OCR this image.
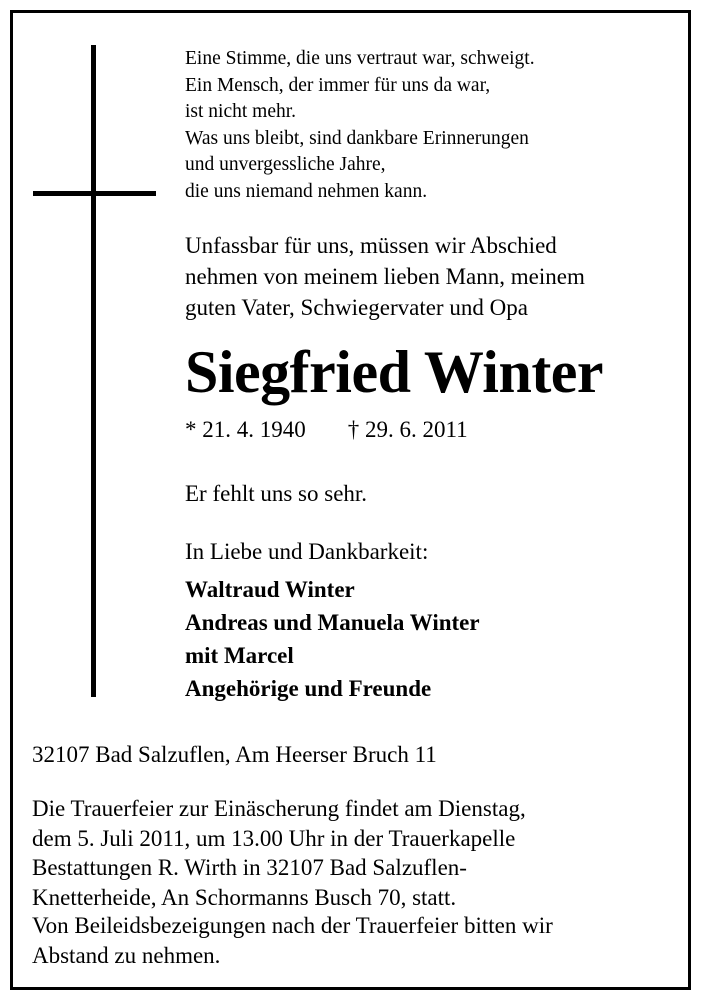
Eine Stimme, die uns vertraut war, schweigt.
Ein Mensch, der immer für uns da war,
ist nicht mehr.
Was uns bleibt, sind dankbare Erinnerungen
und unvergessliche Jahre,
die uns niemand nehmen kann.
Unfassbar für uns, müssen wir Abschied
nehmen von meinem lieben Mann, meinem
guten Vater, Schwiegervater und Opa
Siegfried Winter
* 21. 4. 1940 † 29. 6. 2011
Er fehlt uns so sehr.
In Liebe und Dankbarkeit:
Waltraud Winter
Andreas und Manuela Winter
mit Marcel
Angehörige und Freunde
32107 Bad Salzuflen, Am Heerser Bruch 11
Die Trauerfeier zur Einäscherung findet am Dienstag,
dem 5. Juli 2011, um 13.00 Uhr in der Trauerkapelle
Bestattungen R. Wirth in 32107 Bad Salzuflen-
Knetterheide, An Schormanns Busch 70, statt.
Von Beileidsbezeigungen nach der Trauerfeier bitten wir
Abstand zu nehmen.
